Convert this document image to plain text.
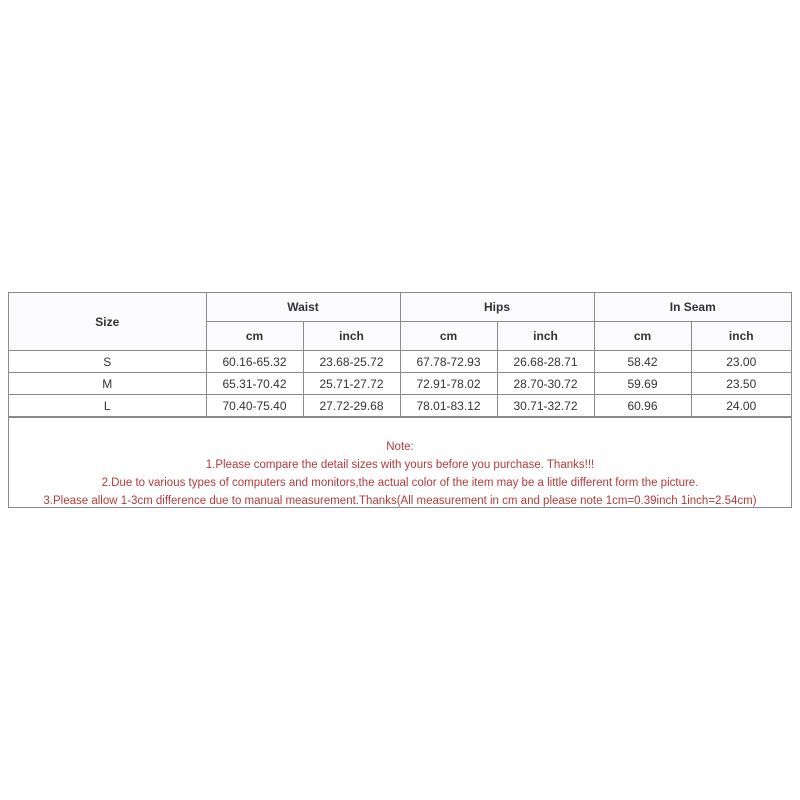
Size	Waist		Hips		In Seam	
	cm	inch	cm	inch	cm	inch
S	60.16-65.32	23.68-25.72	67.78-72.93	26.68-28.71	58.42	23.00
M	65.31-70.42	25.71-27.72	72.91-78.02	28.70-30.72	59.69	23.50
L	70.40-75.40	27.72-29.68	78.01-83.12	30.71-32.72	60.96	24.00
Note:
1.Please compare the detail sizes with yours before you purchase. Thanks!!!
2.Due to various types of computers and monitors,the actual color of the item may be a little different form the picture.
3.Please allow 1-3cm difference due to manual measurement.Thanks(All measurement in cm and please note 1cm=0.39inch 1inch=2.54cm)
